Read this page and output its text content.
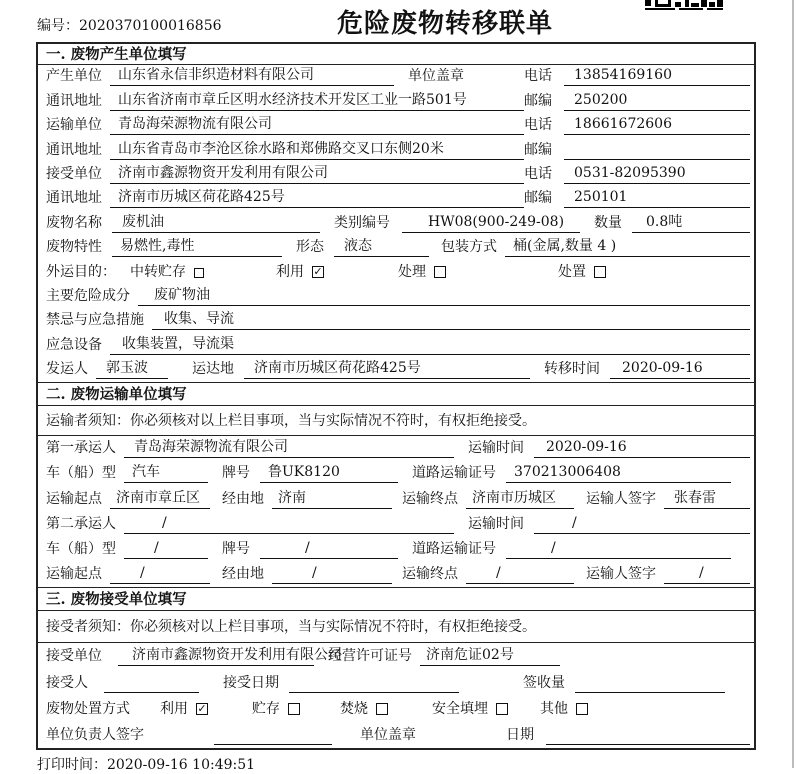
编号：2020370100016856	危险废物转移联单
一. 废物产生单位填写
产生单位	山东省永信非织造材料有限公司	单位盖章	电话	13854169160
通讯地址	山东省济南市章丘区明水经济技术开发区工业一路501号	邮编	250200
运输单位	青岛海荣源物流有限公司	电话	18661672606
通讯地址	山东省青岛市李沧区徐水路和郑佛路交叉口东侧20米	邮编
接受单位	济南市鑫源物资开发利用有限公司	电话	0531-82095390
通讯地址	济南市历城区荷花路425号	邮编	250101
废物名称	废机油	类别编号	HW08(900-249-08)	数量	0.8吨
废物特性	易燃性,毒性	形态	液态	包装方式	桶(金属,数量 4 )
外运目的： 中转贮存	利用 ✓	处理	处置
主要危险成分	废矿物油
禁忌与应急措施	收集、导流
应急设备	收集装置，导流渠
发运人	郭玉波	运达地	济南市历城区荷花路425号	转移时间	2020-09-16
二. 废物运输单位填写
运输者须知：你必须核对以上栏目事项，当与实际情况不符时，有权拒绝接受。
第一承运人	青岛海荣源物流有限公司	运输时间	2020-09-16
车（船）型	汽车	牌号	鲁UK8120	道路运输证号	370213006408
运输起点	济南市章丘区	经由地	济南	运输终点	济南市历城区	运输人签字	张春雷
第二承运人	/	运输时间	/
车（船）型	/	牌号	/	道路运输证号	/
运输起点	/	经由地	/	运输终点	/	运输人签字	/
三. 废物接受单位填写
接受者须知：你必须核对以上栏目事项，当与实际情况不符时，有权拒绝接受。
接受单位	济南市鑫源物资开发利用有限公司
经营许可证号	济南危证02号
接受人	接受日期	签收量
废物处置方式 利用 ✓	贮存	焚烧	安全填埋	其他
单位负责人签字	单位盖章	日期
打印时间：2020-09-16 10:49:51
